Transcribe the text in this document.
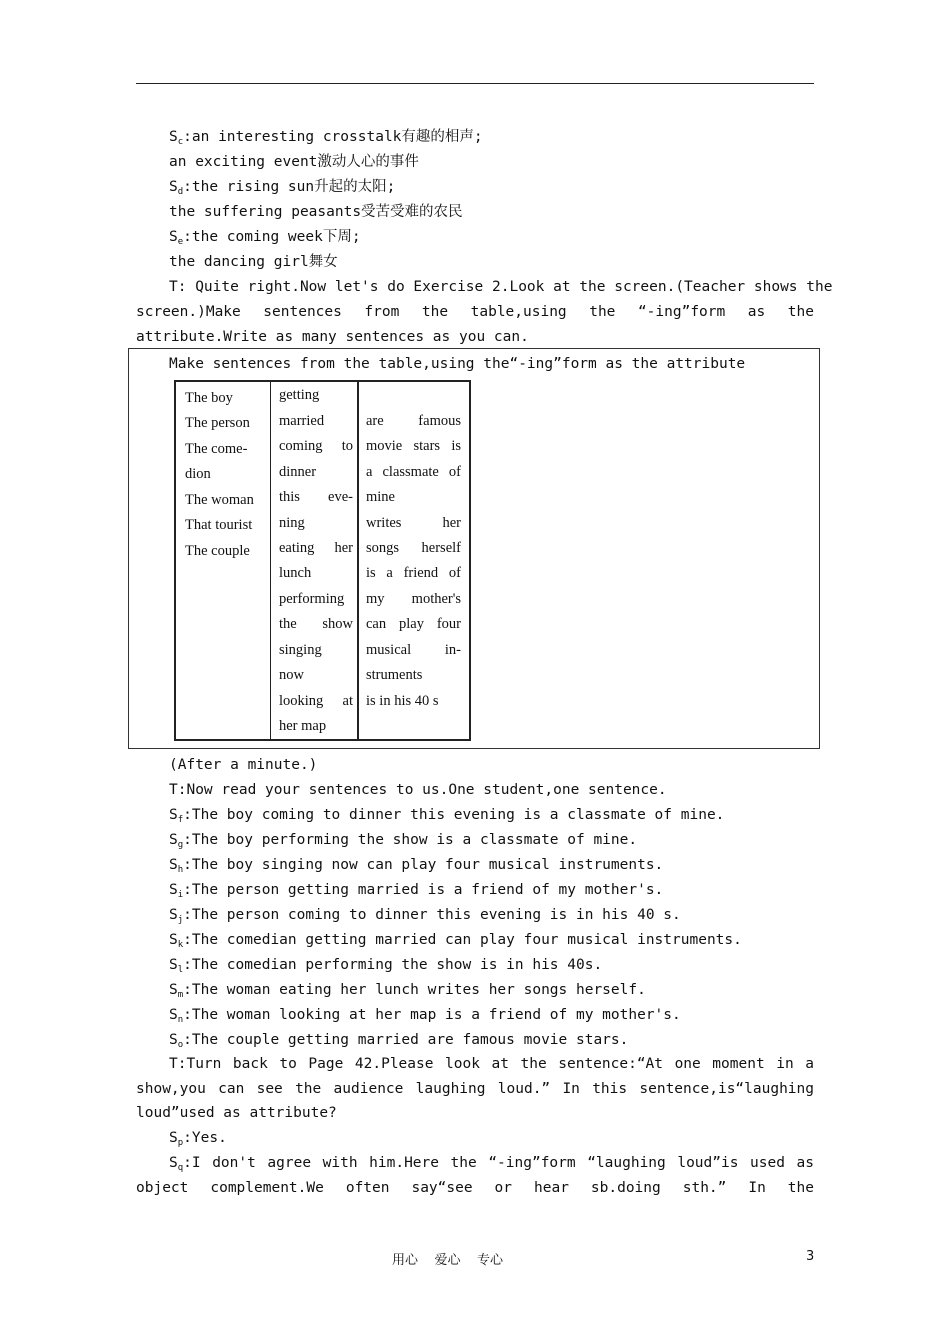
$S_c:an$ interesting crosstalk有趣的相声;
an exciting event激动人心的事件
$S_d:the$ rising sun升起的太阳;
the suffering peasants受苦受难的农民
$S_e:the$ coming week下周;
the dancing girl舞女
T: Quite right.Now let's do Exercise 2.Look at the screen.(Teacher shows the
screen.)Make sentences from the table,using the “-ing”form as the
attribute.Write as many sentences as you can.
Make sentences from the table,using the“-ing”form as the attribute
The boy
The person
The come-
dion
The woman
That tourist
The couple
getting
married
coming to
dinner
this eve-
ning
eating her
lunch
performing
the show
singing
now
looking at
her map
are famous
movie stars is
a classmate of
mine
writes her
songs herself
is a friend of
my mother's
can play four
musical in-
struments
is in his 40 s
(After a minute.)
T:Now read your sentences to us.One student,one sentence.
$S_f:The$ boy coming to dinner this evening is a classmate of mine.
$S_g:The$ boy performing the show is a classmate of mine.
$S_h:The$ boy singing now can play four musical instruments.
$S_i:The$ person getting married is a friend of my mother's.
$S_j:The$ person coming to dinner this evening is in his 40 s.
$S_k:The$ comedian getting married can play four musical instruments.
$S_l:The$ comedian performing the show is in his 40s.
$S_m:The$ woman eating her lunch writes her songs herself.
$S_n:The$ woman looking at her map is a friend of my mother's.
$S_o:The$ couple getting married are famous movie stars.
T:Turn back to Page 42.Please look at the sentence:“At one moment in a
show,you can see the audience laughing loud.” In this sentence,is“laughing
loud”used as attribute?
$S_p:Yes$.
$S_q:I$ don't agree with him.Here the “-ing”form “laughing loud”is used as
object complement.We often say“see or hear sb.doing sth.” In the
用心    爱心    专心	3
